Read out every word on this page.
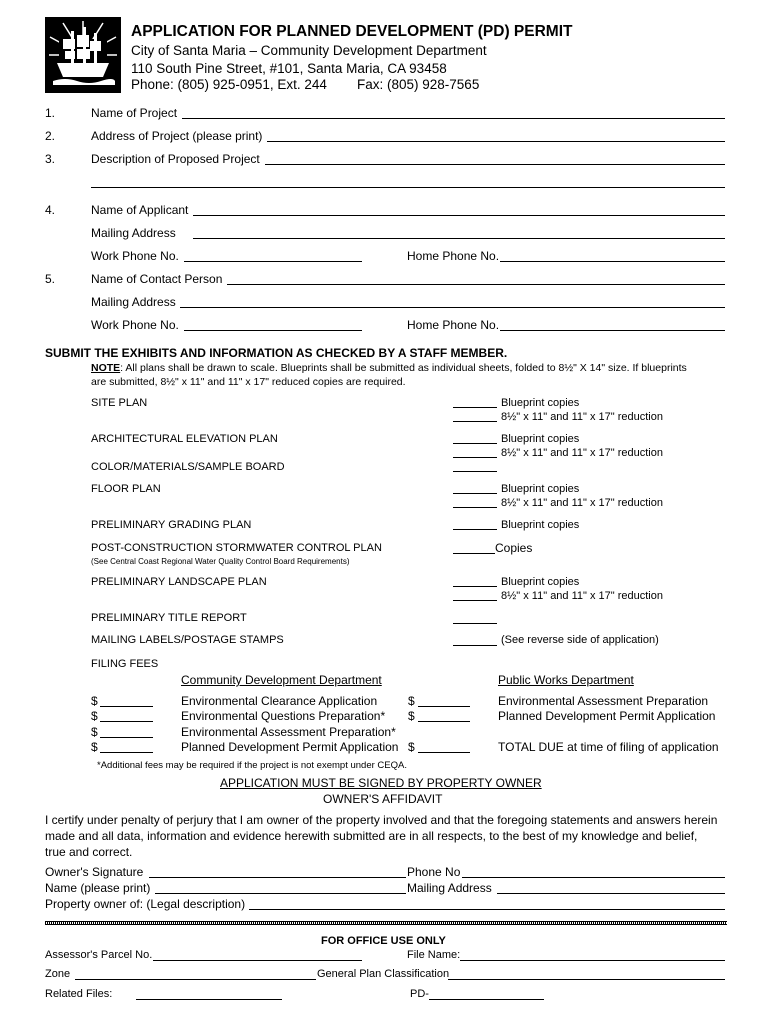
APPLICATION FOR PLANNED DEVELOPMENT (PD) PERMIT
City of Santa Maria – Community Development Department
110 South Pine Street, #101, Santa Maria, CA 93458
Phone: (805) 925-0951, Ext. 244 Fax: (805) 928-7565
1.	Name of Project
2.	Address of Project (please print)
3.	Description of Proposed Project
4.	Name of Applicant
Mailing Address
Work Phone No.	Home Phone No.
5.	Name of Contact Person
Mailing Address
Work Phone No.	Home Phone No.
SUBMIT THE EXHIBITS AND INFORMATION AS CHECKED BY A STAFF MEMBER.
NOTE: All plans shall be drawn to scale. Blueprints shall be submitted as individual sheets, folded to 8½" X 14" size. If blueprints
are submitted, 8½" x 11" and 11" x 17" reduced copies are required.
SITE PLAN	Blueprint copies
8½" x 11" and 11" x 17" reduction
ARCHITECTURAL ELEVATION PLAN	Blueprint copies
8½" x 11" and 11" x 17" reduction
COLOR/MATERIALS/SAMPLE BOARD
FLOOR PLAN	Blueprint copies
8½" x 11" and 11" x 17" reduction
PRELIMINARY GRADING PLAN	Blueprint copies
POST-CONSTRUCTION STORMWATER CONTROL PLAN	Copies
(See Central Coast Regional Water Quality Control Board Requirements)
PRELIMINARY LANDSCAPE PLAN	Blueprint copies
8½" x 11" and 11" x 17" reduction
PRELIMINARY TITLE REPORT
MAILING LABELS/POSTAGE STAMPS	(See reverse side of application)
FILING FEES
Community Development Department	Public Works Department
$	Environmental Clearance Application	$	Environmental Assessment Preparation
$	Environmental Questions Preparation* $	Planned Development Permit Application
$	Environmental Assessment Preparation*
$	Planned Development Permit Application $	TOTAL DUE at time of filing of application
*Additional fees may be required if the project is not exempt under CEQA.
APPLICATION MUST BE SIGNED BY PROPERTY OWNER
OWNER'S AFFIDAVIT
I certify under penalty of perjury that I am owner of the property involved and that the foregoing statements and answers herein
made and all data, information and evidence herewith submitted are in all respects, to the best of my knowledge and belief,
true and correct.
Owner's Signature	Phone No
Name (please print)	Mailing Address
Property owner of: (Legal description)
FOR OFFICE USE ONLY
Assessor's Parcel No.	File Name:
Zone	General Plan Classification
Related Files:	PD-
